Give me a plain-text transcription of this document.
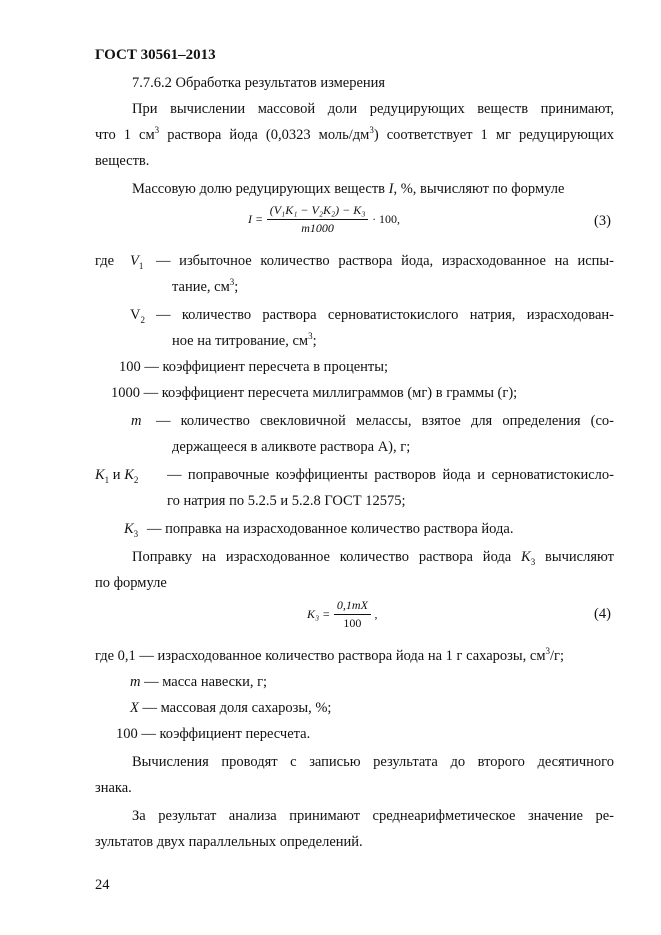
ГОСТ 30561–2013
7.7.6.2 Обработка результатов измерения
При вычислении массовой доли редуцирующих веществ принимают,
что 1 $см^3$ раствора йода (0,0323 моль/$дм^3$) соответствует 1 мг редуцирующих
веществ.
Массовую долю редуцирующих веществ I, %, вычисляют по формуле
$I = \frac{\text{(V₁K₁ − V₂K₂) − K₃}}{m1000} \cdot 100$,	(3)
где $V_1$ — избыточное количество раствора йода, израсходованное на испы-
тание, $см^3$;
$V_2$ — количество раствора серноватистокислого натрия, израсходован-
ное на титрование, $см^3$;
100 — коэффициент пересчета в проценты;
1000 — коэффициент пересчета миллиграммов (мг) в граммы (г);
m — количество свекловичной мелассы, взятое для определения (со-
держащееся в аликвоте раствора А), г;
$K_1$ и $K_2$ — поправочные коэффициенты растворов йода и серноватистокисло-
го натрия по 5.2.5 и 5.2.8 ГОСТ 12575;
$K_3$ — поправка на израсходованное количество раствора йода.
Поправку на израсходованное количество раствора йода $K_3$ вычисляют
по формуле
$K_3 = \frac{0,1mX}{100}$ ,	(4)
где 0,1 — израсходованное количество раствора йода на 1 г сахарозы, $см^3/г$;
m — масса навески, г;
X — массовая доля сахарозы, %;
100 — коэффициент пересчета.
Вычисления проводят с записью результата до второго десятичного
знака.
За результат анализа принимают среднеарифметическое значение ре-
зультатов двух параллельных определений.
24
